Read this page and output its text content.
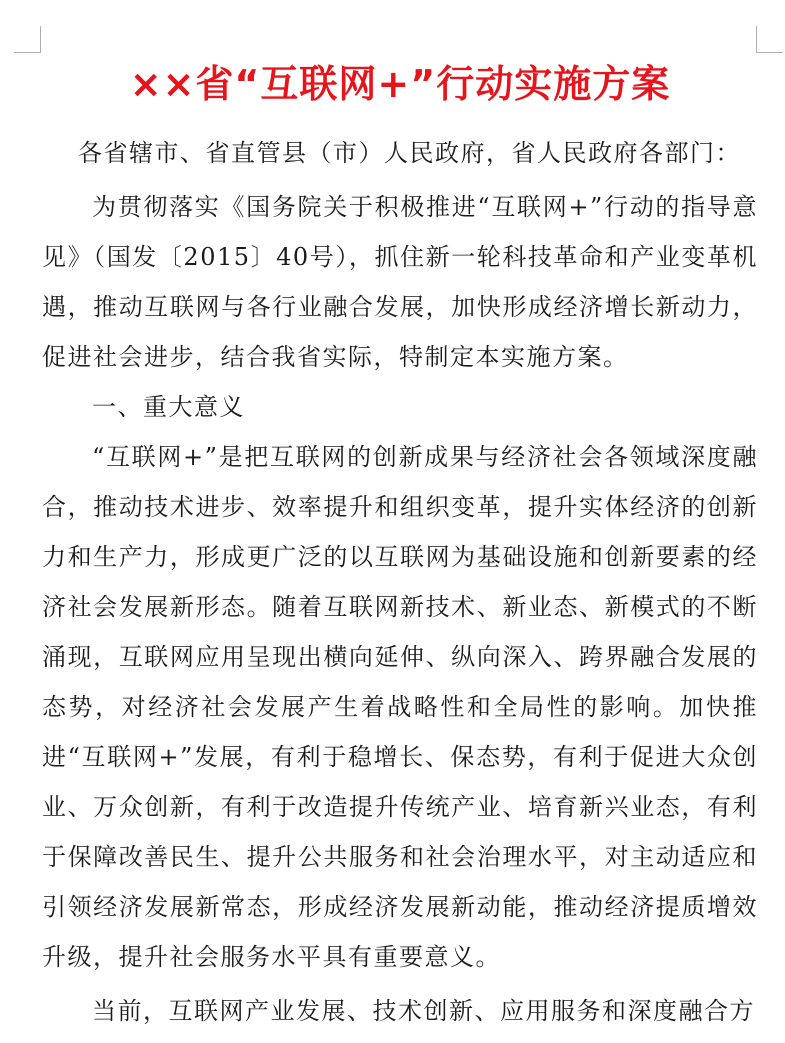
××省“互联网+”行动实施方案

各省辖市、省直管县（市）人民政府，省人民政府各部门：

为贯彻落实《国务院关于积极推进“互联网+”行动的指导意见》（国发〔2015〕40号），抓住新一轮科技革命和产业变革机遇，推动互联网与各行业融合发展，加快形成经济增长新动力，促进社会进步，结合我省实际，特制定本实施方案。

一、重大意义

“互联网+”是把互联网的创新成果与经济社会各领域深度融合，推动技术进步、效率提升和组织变革，提升实体经济的创新力和生产力，形成更广泛的以互联网为基础设施和创新要素的经济社会发展新形态。随着互联网新技术、新业态、新模式的不断涌现，互联网应用呈现出横向延伸、纵向深入、跨界融合发展的态势，对经济社会发展产生着战略性和全局性的影响。加快推进“互联网+”发展，有利于稳增长、保态势，有利于促进大众创业、万众创新，有利于改造提升传统产业、培育新兴业态，有利于保障改善民生、提升公共服务和社会治理水平，对主动适应和引领经济发展新常态，形成经济发展新动能，推动经济提质增效升级，提升社会服务水平具有重要意义。

当前，互联网产业发展、技术创新、应用服务和深度融合方
